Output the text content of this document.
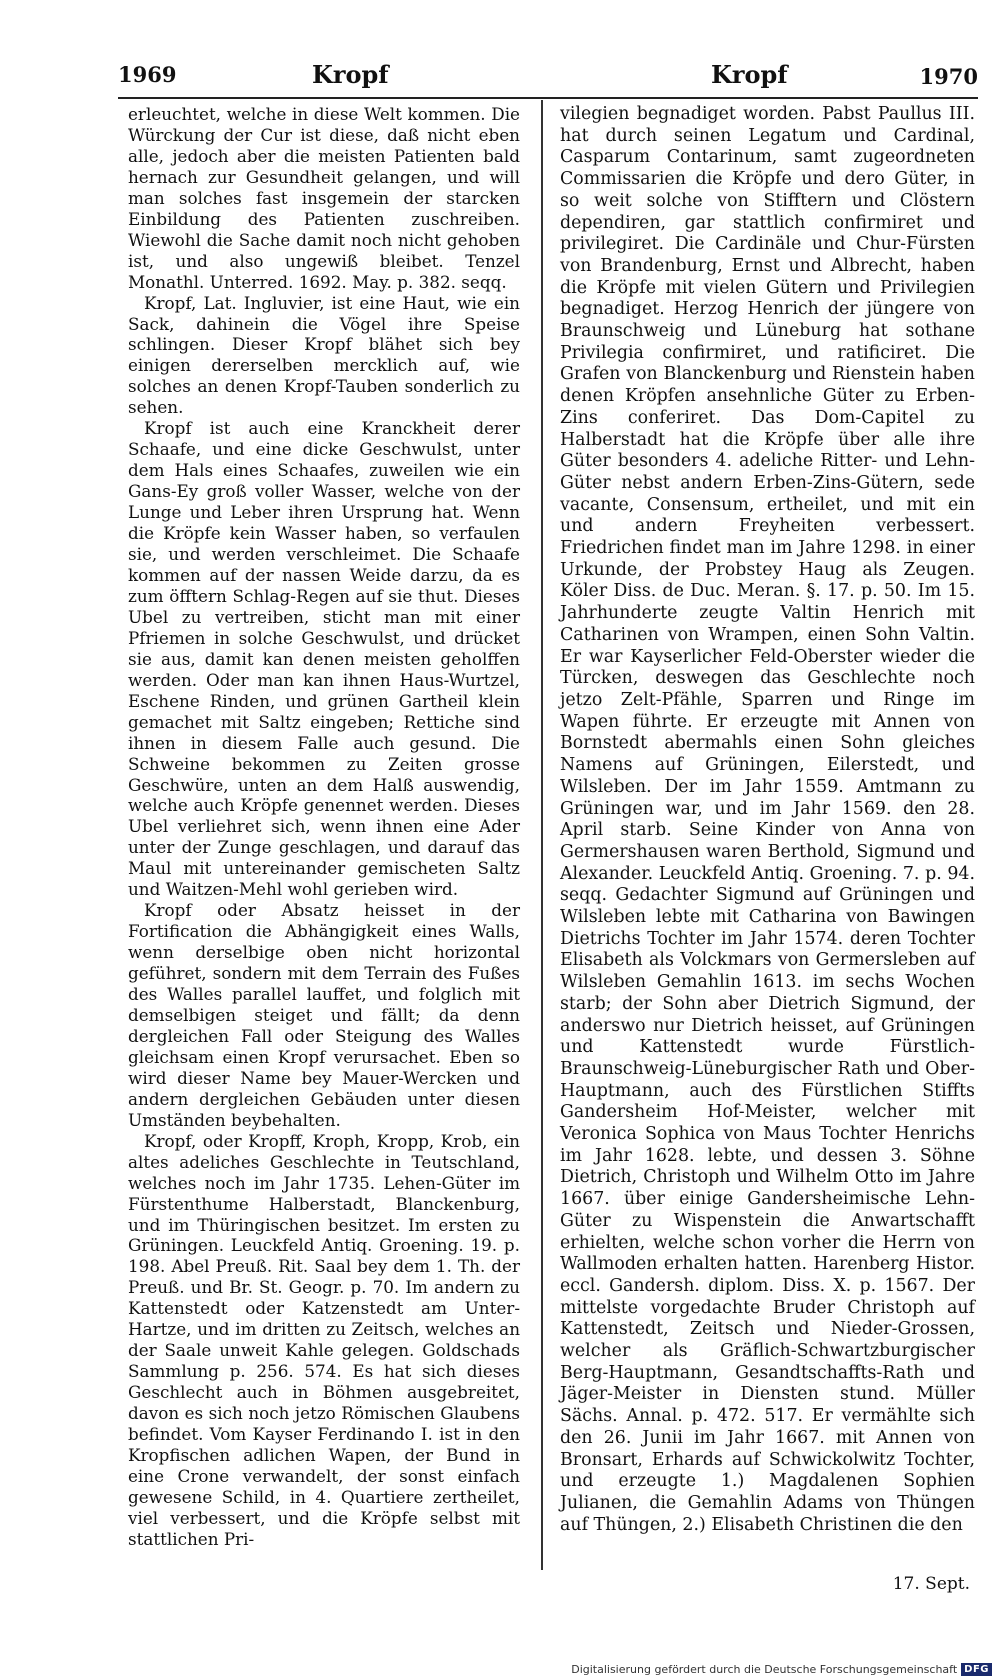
1969	Kropf	Kropf	1970

erleuchtet, welche in diese Welt kommen. Die Würckung der Cur ist diese, daß nicht eben alle, jedoch aber die meisten Patienten bald hernach zur Gesundheit gelangen, und will man solches fast insgemein der starcken Einbildung des Patienten zuschreiben. Wiewohl die Sache damit noch nicht gehoben ist, und also ungewiß bleibet. Tenzel Monathl. Unterred. 1692. May. p. 382. seqq.

Kropf, Lat. Ingluvier, ist eine Haut, wie ein Sack, dahinein die Vögel ihre Speise schlingen. Dieser Kropf blähet sich bey einigen dererselben mercklich auf, wie solches an denen Kropf-Tauben sonderlich zu sehen.

Kropf ist auch eine Kranckheit derer Schaafe, und eine dicke Geschwulst, unter dem Hals eines Schaafes, zuweilen wie ein Gans-Ey groß voller Wasser, welche von der Lunge und Leber ihren Ursprung hat. Wenn die Kröpfe kein Wasser haben, so verfaulen sie, und werden verschleimet. Die Schaafe kommen auf der nassen Weide darzu, da es zum öfftern Schlag-Regen auf sie thut. Dieses Ubel zu vertreiben, sticht man mit einer Pfriemen in solche Geschwulst, und drücket sie aus, damit kan denen meisten geholffen werden. Oder man kan ihnen Haus-Wurtzel, Eschene Rinden, und grünen Gartheil klein gemachet mit Saltz eingeben; Rettiche sind ihnen in diesem Falle auch gesund. Die Schweine bekommen zu Zeiten grosse Geschwüre, unten an dem Halß auswendig, welche auch Kröpfe genennet werden. Dieses Ubel verliehret sich, wenn ihnen eine Ader unter der Zunge geschlagen, und darauf das Maul mit untereinander gemischeten Saltz und Waitzen-Mehl wohl gerieben wird.

Kropf oder Absatz heisset in der Fortification die Abhängigkeit eines Walls, wenn derselbige oben nicht horizontal geführet, sondern mit dem Terrain des Fußes des Walles parallel lauffet, und folglich mit demselbigen steiget und fällt; da denn dergleichen Fall oder Steigung des Walles gleichsam einen Kropf verursachet. Eben so wird dieser Name bey Mauer-Wercken und andern dergleichen Gebäuden unter diesen Umständen beybehalten.

Kropf, oder Kropff, Kroph, Kropp, Krob, ein altes adeliches Geschlechte in Teutschland, welches noch im Jahr 1735. Lehen-Güter im Fürstenthume Halberstadt, Blanckenburg, und im Thüringischen besitzet. Im ersten zu Grüningen. Leuckfeld Antiq. Groening. 19. p. 198. Abel Preuß. Rit. Saal bey dem 1. Th. der Preuß. und Br. St. Geogr. p. 70. Im andern zu Kattenstedt oder Katzenstedt am Unter-Hartze, und im dritten zu Zeitsch, welches an der Saale unweit Kahle gelegen. Goldschads Sammlung p. 256. 574. Es hat sich dieses Geschlecht auch in Böhmen ausgebreitet, davon es sich noch jetzo Römischen Glaubens befindet. Vom Kayser Ferdinando I. ist in den Kropfischen adlichen Wapen, der Bund in eine Crone verwandelt, der sonst einfach gewesene Schild, in 4. Quartiere zertheilet, viel verbessert, und die Kröpfe selbst mit stattlichen Pri-

vilegien begnadiget worden. Pabst Paullus III. hat durch seinen Legatum und Cardinal, Casparum Contarinum, samt zugeordneten Commissarien die Kröpfe und dero Güter, in so weit solche von Stifftern und Clöstern dependiren, gar stattlich confirmiret und privilegiret. Die Cardinäle und Chur-Fürsten von Brandenburg, Ernst und Albrecht, haben die Kröpfe mit vielen Gütern und Privilegien begnadiget. Herzog Henrich der jüngere von Braunschweig und Lüneburg hat sothane Privilegia confirmiret, und ratificiret. Die Grafen von Blanckenburg und Rienstein haben denen Kröpfen ansehnliche Güter zu Erben-Zins conferiret. Das Dom-Capitel zu Halberstadt hat die Kröpfe über alle ihre Güter besonders 4. adeliche Ritter- und Lehn-Güter nebst andern Erben-Zins-Gütern, sede vacante, Consensum, ertheilet, und mit ein und andern Freyheiten verbessert. Friedrichen findet man im Jahre 1298. in einer Urkunde, der Probstey Haug als Zeugen. Köler Diss. de Duc. Meran. §. 17. p. 50. Im 15. Jahrhunderte zeugte Valtin Henrich mit Catharinen von Wrampen, einen Sohn Valtin. Er war Kayserlicher Feld-Oberster wieder die Türcken, deswegen das Geschlechte noch jetzo Zelt-Pfähle, Sparren und Ringe im Wapen führte. Er erzeugte mit Annen von Bornstedt abermahls einen Sohn gleiches Namens auf Grüningen, Eilerstedt, und Wilsleben. Der im Jahr 1559. Amtmann zu Grüningen war, und im Jahr 1569. den 28. April starb. Seine Kinder von Anna von Germershausen waren Berthold, Sigmund und Alexander. Leuckfeld Antiq. Groening. 7. p. 94. seqq. Gedachter Sigmund auf Grüningen und Wilsleben lebte mit Catharina von Bawingen Dietrichs Tochter im Jahr 1574. deren Tochter Elisabeth als Volckmars von Germersleben auf Wilsleben Gemahlin 1613. im sechs Wochen starb; der Sohn aber Dietrich Sigmund, der anderswo nur Dietrich heisset, auf Grüningen und Kattenstedt wurde Fürstlich-Braunschweig-Lüneburgischer Rath und Ober-Hauptmann, auch des Fürstlichen Stiffts Gandersheim Hof-Meister, welcher mit Veronica Sophica von Maus Tochter Henrichs im Jahr 1628. lebte, und dessen 3. Söhne Dietrich, Christoph und Wilhelm Otto im Jahre 1667. über einige Gandersheimische Lehn-Güter zu Wispenstein die Anwartschafft erhielten, welche schon vorher die Herrn von Wallmoden erhalten hatten. Harenberg Histor. eccl. Gandersh. diplom. Diss. X. p. 1567. Der mittelste vorgedachte Bruder Christoph auf Kattenstedt, Zeitsch und Nieder-Grossen, welcher als Gräflich-Schwartzburgischer Berg-Hauptmann, Gesandtschaffts-Rath und Jäger-Meister in Diensten stund. Müller Sächs. Annal. p. 472. 517. Er vermählte sich den 26. Junii im Jahr 1667. mit Annen von Bronsart, Erhards auf Schwickolwitz Tochter, und erzeugte 1.) Magdalenen Sophien Julianen, die Gemahlin Adams von Thüngen auf Thüngen, 2.) Elisabeth Christinen die den

17. Sept.
Digitalisierung gefördert durch die Deutsche Forschungsgemeinschaft DFG
